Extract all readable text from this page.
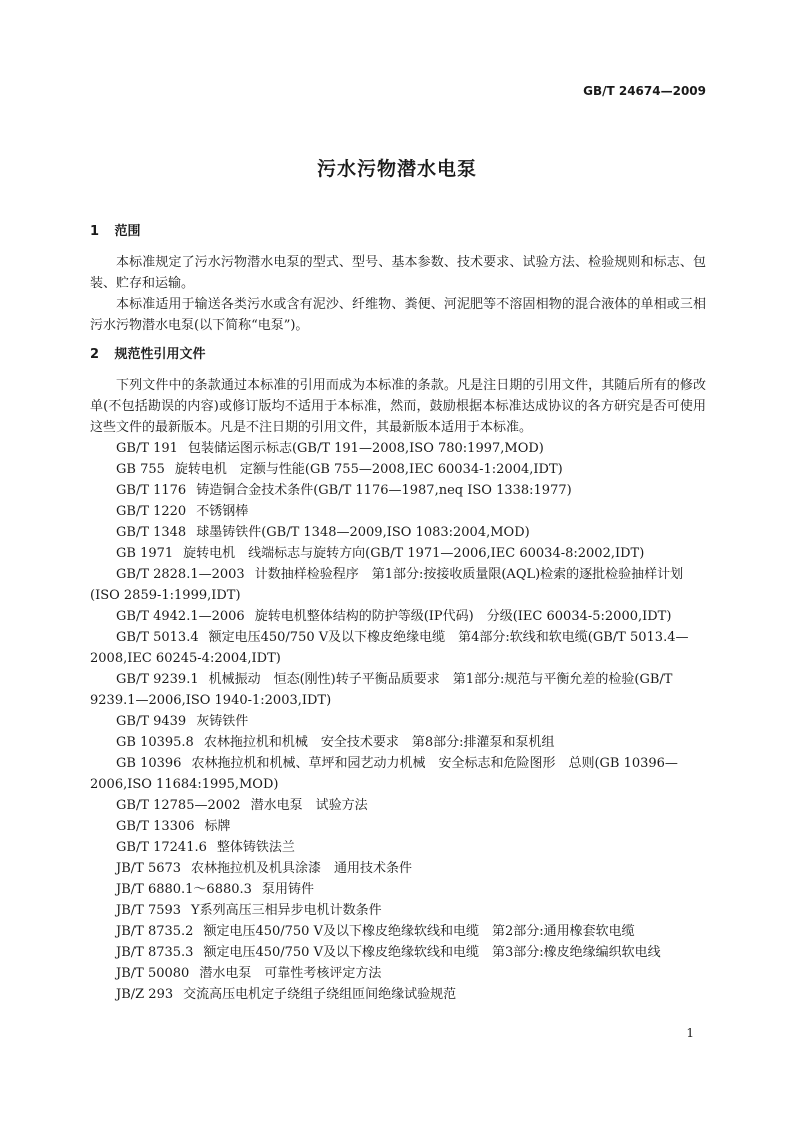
GB/T 24674—2009
污水污物潜水电泵
1 范围

本标准规定了污水污物潜水电泵的型式、型号、基本参数、技术要求、试验方法、检验规则和标志、包装、贮存和运输。

本标准适用于输送各类污水或含有泥沙、纤维物、粪便、河泥肥等不溶固相物的混合液体的单相或三相污水污物潜水电泵(以下简称“电泵”)。

2 规范性引用文件

下列文件中的条款通过本标准的引用而成为本标准的条款。凡是注日期的引用文件，其随后所有的修改单(不包括勘误的内容)或修订版均不适用于本标准，然而，鼓励根据本标准达成协议的各方研究是否可使用这些文件的最新版本。凡是不注日期的引用文件，其最新版本适用于本标准。

GB/T 191 包装储运图示标志(GB/T 191—2008,ISO 780:1997,MOD)
GB 755 旋转电机　定额与性能(GB 755—2008,IEC 60034-1:2004,IDT)
GB/T 1176 铸造铜合金技术条件(GB/T 1176—1987,neq ISO 1338:1977)
GB/T 1220 不锈钢棒
GB/T 1348 球墨铸铁件(GB/T 1348—2009,ISO 1083:2004,MOD)
GB 1971 旋转电机　线端标志与旋转方向(GB/T 1971—2006,IEC 60034-8:2002,IDT)
GB/T 2828.1—2003 计数抽样检验程序　第1部分:按接收质量限(AQL)检索的逐批检验抽样计划(ISO 2859-1:1999,IDT)
GB/T 4942.1—2006 旋转电机整体结构的防护等级(IP代码)　分级(IEC 60034-5:2000,IDT)
GB/T 5013.4 额定电压450/750 V及以下橡皮绝缘电缆　第4部分:软线和软电缆(GB/T 5013.4—2008,IEC 60245-4:2004,IDT)
GB/T 9239.1 机械振动　恒态(刚性)转子平衡品质要求　第1部分:规范与平衡允差的检验(GB/T 9239.1—2006,ISO 1940-1:2003,IDT)
GB/T 9439 灰铸铁件
GB 10395.8 农林拖拉机和机械　安全技术要求　第8部分:排灌泵和泵机组
GB 10396 农林拖拉机和机械、草坪和园艺动力机械　安全标志和危险图形　总则(GB 10396—2006,ISO 11684:1995,MOD)
GB/T 12785—2002 潜水电泵　试验方法
GB/T 13306 标牌
GB/T 17241.6 整体铸铁法兰
JB/T 5673 农林拖拉机及机具涂漆　通用技术条件
JB/T 6880.1～6880.3 泵用铸件
JB/T 7593 Y系列高压三相异步电机计数条件
JB/T 8735.2 额定电压450/750 V及以下橡皮绝缘软线和电缆　第2部分:通用橡套软电缆
JB/T 8735.3 额定电压450/750 V及以下橡皮绝缘软线和电缆　第3部分:橡皮绝缘编织软电线
JB/T 50080 潜水电泵　可靠性考核评定方法
JB/Z 293 交流高压电机定子绕组子绕组匝间绝缘试验规范
1
